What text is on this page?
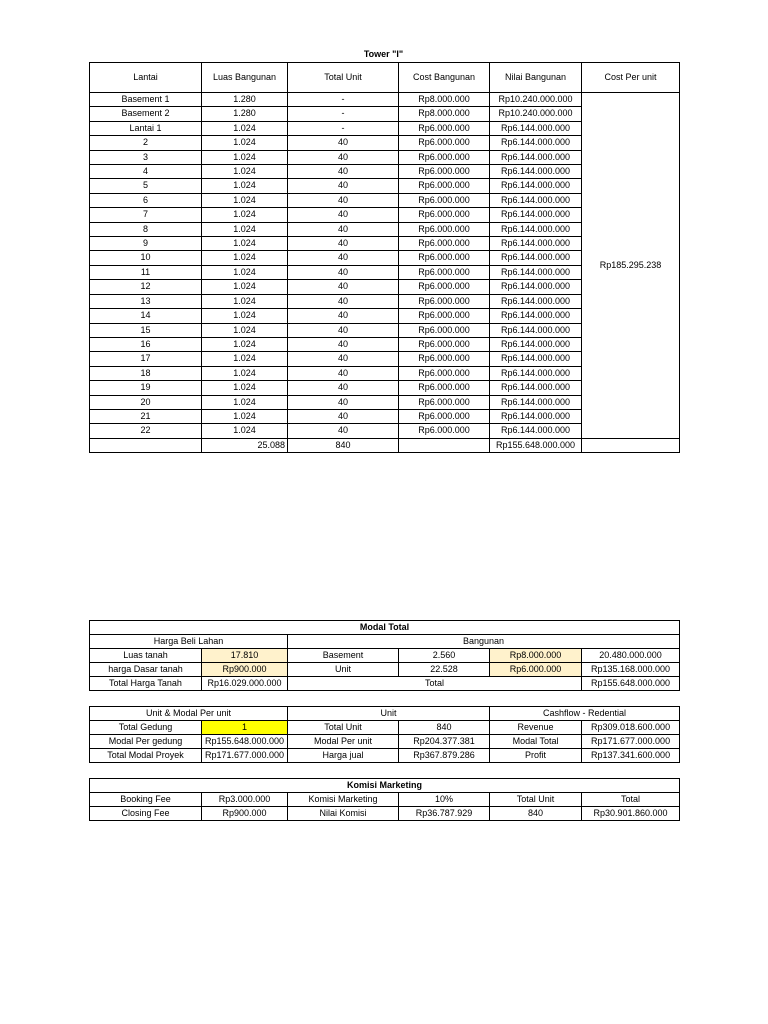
Tower "I"
Lantai	Luas Bangunan	Total Unit	Cost Bangunan	Nilai Bangunan	Cost Per unit
Basement 1	1.280	-	Rp8.000.000	Rp10.240.000.000	Rp185.295.238
Basement 2	1.280	-	Rp8.000.000	Rp10.240.000.000	
Lantai 1	1.024	-	Rp6.000.000	Rp6.144.000.000	
2	1.024	40	Rp6.000.000	Rp6.144.000.000	
3	1.024	40	Rp6.000.000	Rp6.144.000.000	
4	1.024	40	Rp6.000.000	Rp6.144.000.000	
5	1.024	40	Rp6.000.000	Rp6.144.000.000	
6	1.024	40	Rp6.000.000	Rp6.144.000.000	
7	1.024	40	Rp6.000.000	Rp6.144.000.000	
8	1.024	40	Rp6.000.000	Rp6.144.000.000	
9	1.024	40	Rp6.000.000	Rp6.144.000.000	
10	1.024	40	Rp6.000.000	Rp6.144.000.000	
11	1.024	40	Rp6.000.000	Rp6.144.000.000	
12	1.024	40	Rp6.000.000	Rp6.144.000.000	
13	1.024	40	Rp6.000.000	Rp6.144.000.000	
14	1.024	40	Rp6.000.000	Rp6.144.000.000	
15	1.024	40	Rp6.000.000	Rp6.144.000.000	
16	1.024	40	Rp6.000.000	Rp6.144.000.000	
17	1.024	40	Rp6.000.000	Rp6.144.000.000	
18	1.024	40	Rp6.000.000	Rp6.144.000.000	
19	1.024	40	Rp6.000.000	Rp6.144.000.000	
20	1.024	40	Rp6.000.000	Rp6.144.000.000	
21	1.024	40	Rp6.000.000	Rp6.144.000.000	
22	1.024	40	Rp6.000.000	Rp6.144.000.000	
	25.088	840		Rp155.648.000.000	
Modal Total					
Harga Beli Lahan		Bangunan			
Luas tanah	17.810	Basement	2.560	Rp8.000.000	20.480.000.000
harga Dasar tanah	Rp900.000	Unit	22.528	Rp6.000.000	Rp135.168.000.000
Total Harga Tanah	Rp16.029.000.000	Total			Rp155.648.000.000
Unit & Modal Per unit		Unit		Cashflow - Redential	
Total Gedung	1	Total Unit	840	Revenue	Rp309.018.600.000
Modal Per gedung	Rp155.648.000.000	Modal Per unit	Rp204.377.381	Modal Total	Rp171.677.000.000
Total Modal Proyek	Rp171.677.000.000	Harga jual	Rp367.879.286	Profit	Rp137.341.600.000
Komisi Marketing					
Booking Fee	Rp3.000.000	Komisi Marketing	10%	Total Unit	Total
Closing Fee	Rp900.000	Nilai Komisi	Rp36.787.929	840	Rp30.901.860.000
